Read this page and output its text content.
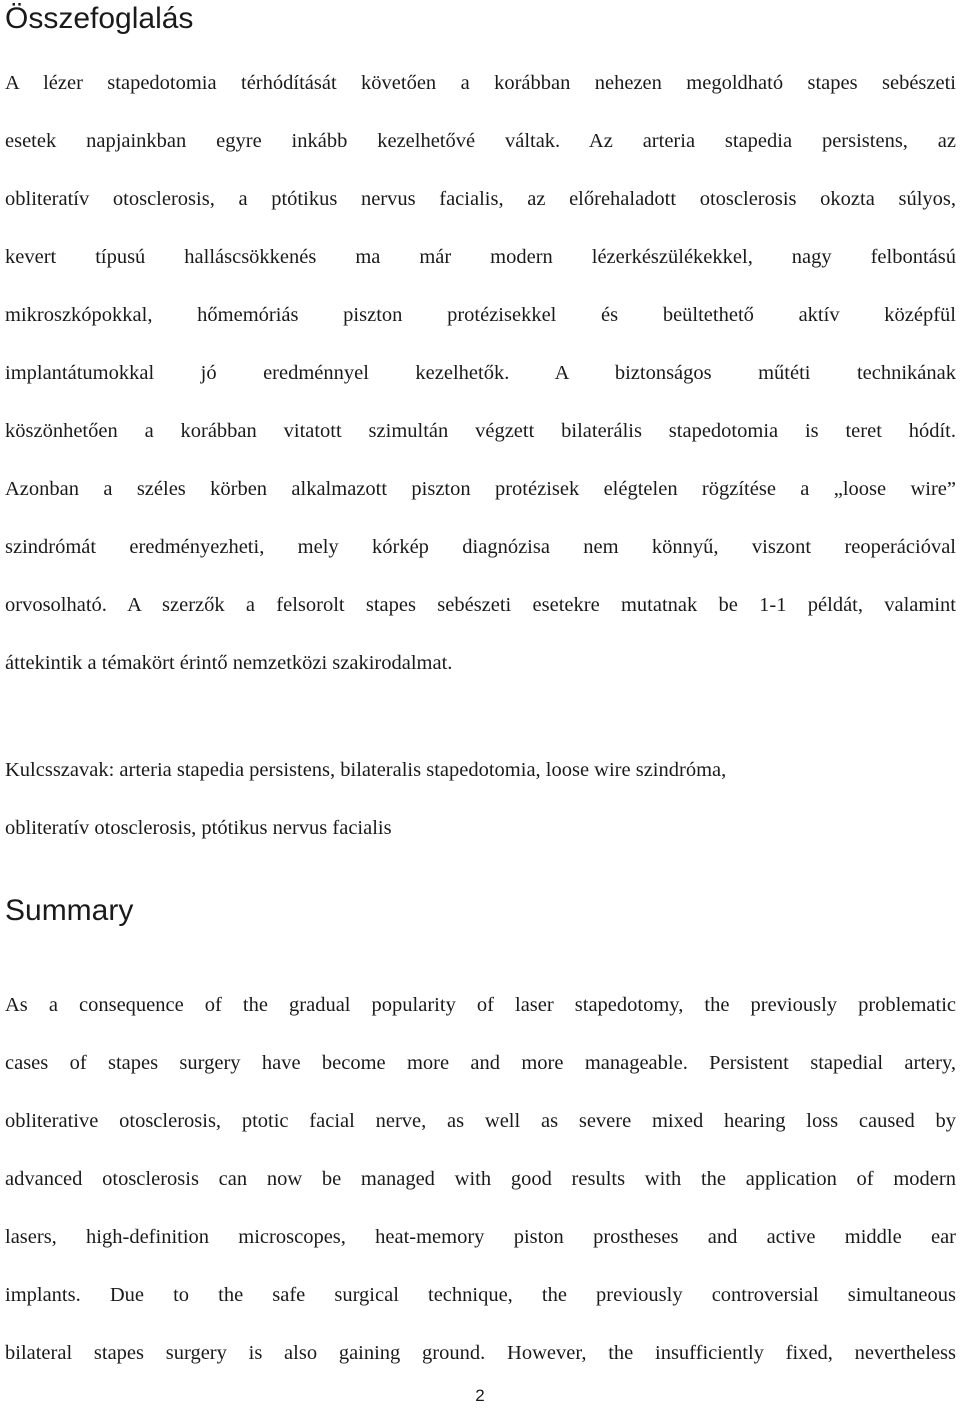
Összefoglalás
A lézer stapedotomia térhódítását követően a korábban nehezen megoldható stapes sebészeti
esetek napjainkban egyre inkább kezelhetővé váltak. Az arteria stapedia persistens, az
obliteratív otosclerosis, a ptótikus nervus facialis, az előrehaladott otosclerosis okozta súlyos,
kevert típusú halláscsökkenés ma már modern lézerkészülékekkel, nagy felbontású
mikroszkópokkal, hőmemóriás piszton protézisekkel és beültethető aktív középfül
implantátumokkal jó eredménnyel kezelhetők. A biztonságos műtéti technikának
köszönhetően a korábban vitatott szimultán végzett bilaterális stapedotomia is teret hódít.
Azonban a széles körben alkalmazott piszton protézisek elégtelen rögzítése a „loose wire”
szindrómát eredményezheti, mely kórkép diagnózisa nem könnyű, viszont reoperációval
orvosolható. A szerzők a felsorolt stapes sebészeti esetekre mutatnak be 1-1 példát, valamint
áttekintik a témakört érintő nemzetközi szakirodalmat.
Kulcsszavak: arteria stapedia persistens, bilateralis stapedotomia, loose wire szindróma,
obliteratív otosclerosis, ptótikus nervus facialis
Summary
As a consequence of the gradual popularity of laser stapedotomy, the previously problematic
cases of stapes surgery have become more and more manageable. Persistent stapedial artery,
obliterative otosclerosis, ptotic facial nerve, as well as severe mixed hearing loss caused by
advanced otosclerosis can now be managed with good results with the application of modern
lasers, high-definition microscopes, heat-memory piston prostheses and active middle ear
implants. Due to the safe surgical technique, the previously controversial simultaneous
bilateral stapes surgery is also gaining ground. However, the insufficiently fixed, nevertheless
2
